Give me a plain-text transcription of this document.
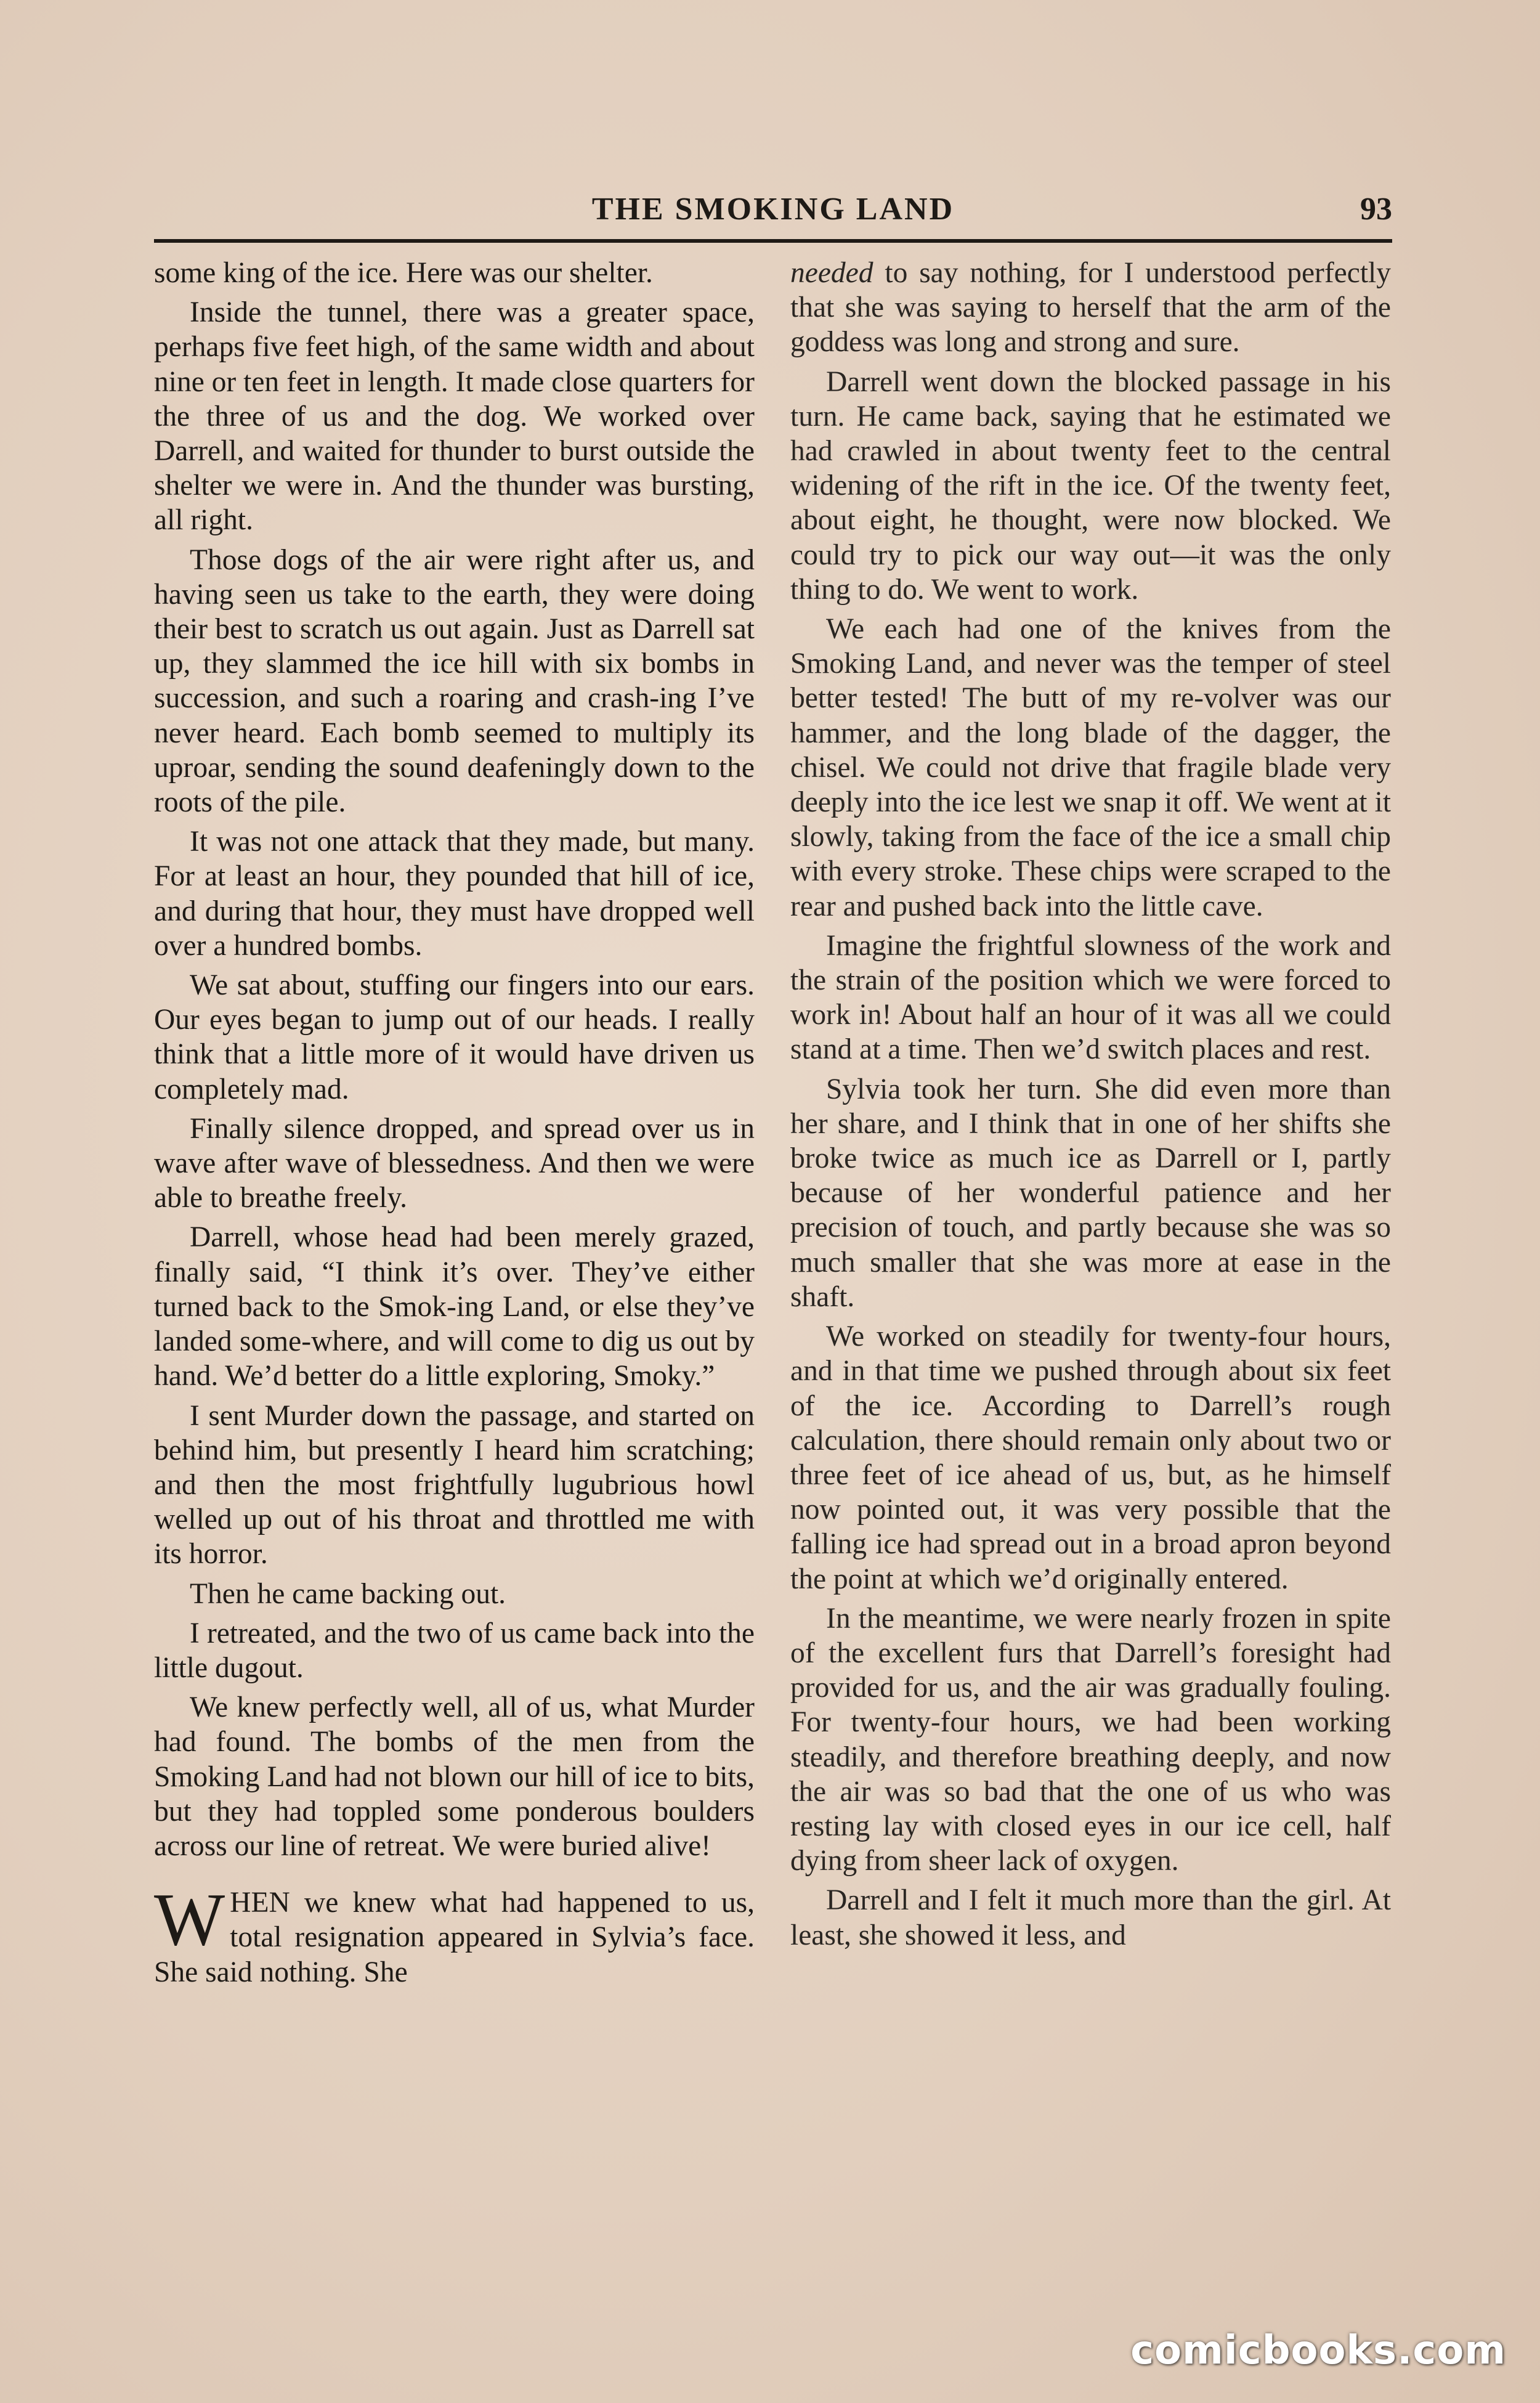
THE SMOKING LAND	93

some king of the ice. Here was our shelter.

Inside the tunnel, there was a greater space, perhaps five feet high, of the same width and about nine or ten feet in length. It made close quarters for the three of us and the dog. We worked over Darrell, and waited for thunder to burst outside the shelter we were in. And the thunder was bursting, all right.

Those dogs of the air were right after us, and having seen us take to the earth, they were doing their best to scratch us out again. Just as Darrell sat up, they slammed the ice hill with six bombs in succession, and such a roaring and crash-ing I’ve never heard. Each bomb seemed to multiply its uproar, sending the sound deafeningly down to the roots of the pile.

It was not one attack that they made, but many. For at least an hour, they pounded that hill of ice, and during that hour, they must have dropped well over a hundred bombs.

We sat about, stuffing our fingers into our ears. Our eyes began to jump out of our heads. I really think that a little more of it would have driven us completely mad.

Finally silence dropped, and spread over us in wave after wave of blessedness. And then we were able to breathe freely.

Darrell, whose head had been merely grazed, finally said, “I think it’s over. They’ve either turned back to the Smok-ing Land, or else they’ve landed some-where, and will come to dig us out by hand. We’d better do a little exploring, Smoky.”

I sent Murder down the passage, and started on behind him, but presently I heard him scratching; and then the most frightfully lugubrious howl welled up out of his throat and throttled me with its horror.

Then he came backing out.

I retreated, and the two of us came back into the little dugout.

We knew perfectly well, all of us, what Murder had found. The bombs of the men from the Smoking Land had not blown our hill of ice to bits, but they had toppled some ponderous boulders across our line of retreat. We were buried alive!

WHEN we knew what had happened to us, total resignation appeared in Sylvia’s face. She said nothing. She

needed to say nothing, for I understood perfectly that she was saying to herself that the arm of the goddess was long and strong and sure.

Darrell went down the blocked passage in his turn. He came back, saying that he estimated we had crawled in about twenty feet to the central widening of the rift in the ice. Of the twenty feet, about eight, he thought, were now blocked. We could try to pick our way out—it was the only thing to do. We went to work.

We each had one of the knives from the Smoking Land, and never was the temper of steel better tested! The butt of my re-volver was our hammer, and the long blade of the dagger, the chisel. We could not drive that fragile blade very deeply into the ice lest we snap it off. We went at it slowly, taking from the face of the ice a small chip with every stroke. These chips were scraped to the rear and pushed back into the little cave.

Imagine the frightful slowness of the work and the strain of the position which we were forced to work in! About half an hour of it was all we could stand at a time. Then we’d switch places and rest.

Sylvia took her turn. She did even more than her share, and I think that in one of her shifts she broke twice as much ice as Darrell or I, partly because of her wonderful patience and her precision of touch, and partly because she was so much smaller that she was more at ease in the shaft.

We worked on steadily for twenty-four hours, and in that time we pushed through about six feet of the ice. According to Darrell’s rough calculation, there should remain only about two or three feet of ice ahead of us, but, as he himself now pointed out, it was very possible that the falling ice had spread out in a broad apron beyond the point at which we’d originally entered.

In the meantime, we were nearly frozen in spite of the excellent furs that Darrell’s foresight had provided for us, and the air was gradually fouling. For twenty-four hours, we had been working steadily, and therefore breathing deeply, and now the air was so bad that the one of us who was resting lay with closed eyes in our ice cell, half dying from sheer lack of oxygen.

Darrell and I felt it much more than the girl. At least, she showed it less, and

comicbooks.com
